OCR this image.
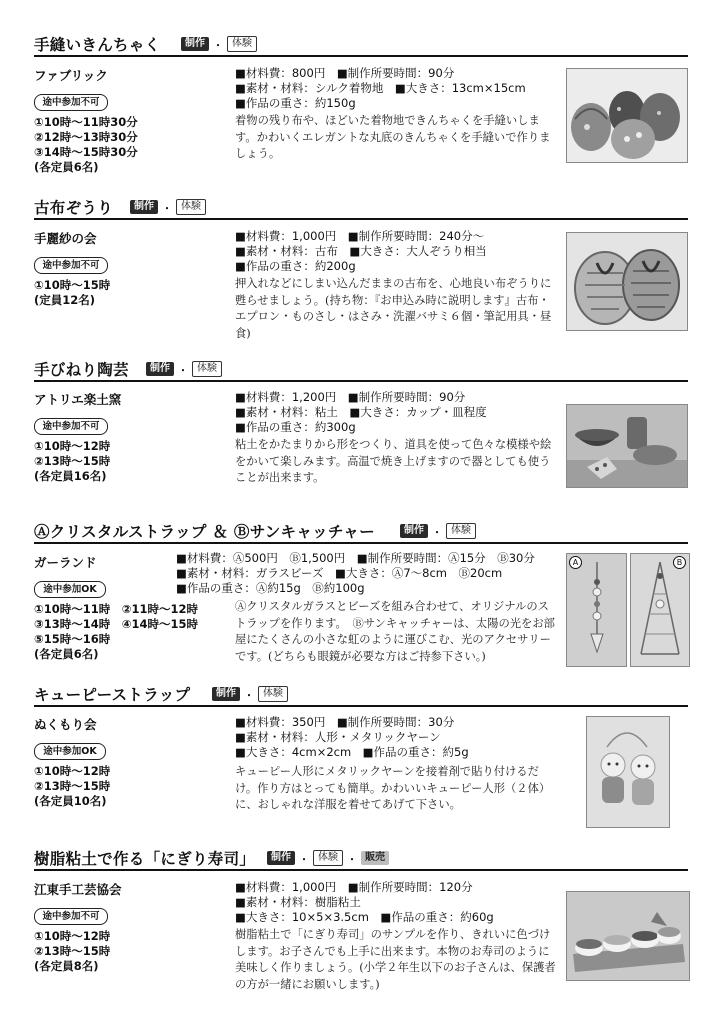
手縫いきんちゃく	制作 ・ 体験
ファブリック
途中参加不可
①10時～11時30分
②12時～13時30分
③14時～15時30分
(各定員6名)
■材料費：800円　■制作所要時間：90分
■素材・材料：シルク着物地　■大きさ：13cm×15cm
■作品の重さ：約150g
着物の残り布や、ほどいた着物地できんちゃくを手縫いします。かわいくエレガントな丸底のきんちゃくを手縫いで作りましょう。
古布ぞうり	制作 ・ 体験
手麗紗の会
途中参加不可
①10時～15時
(定員12名)
■材料費：1,000円　■制作所要時間：240分～
■素材・材料：古布　■大きさ：大人ぞうり相当
■作品の重さ：約200g
押入れなどにしまい込んだままの古布を、心地良い布ぞうりに甦らせましょう。(持ち物：『お申込み時に説明します』古布・エプロン・ものさし・はさみ・洗濯バサミ６個・筆記用具・昼食)
手びねり陶芸	制作 ・ 体験
アトリエ楽土窯
途中参加不可
①10時～12時
②13時～15時
(各定員16名)
■材料費：1,200円　■制作所要時間：90分
■素材・材料：粘土　■大きさ：カップ・皿程度
■作品の重さ：約300g
粘土をかたまりから形をつくり、道具を使って色々な模様や絵をかいて楽しみます。高温で焼き上げますので器としても使うことが出来ます。
Ⓐクリスタルストラップ ＆ Ⓑサンキャッチャー	制作 ・ 体験
ガーランド
途中参加OK
①10時～11時　②11時～12時
③13時～14時　④14時～15時
⑤15時～16時
(各定員6名)
■材料費：Ⓐ500円　Ⓑ1,500円　■制作所要時間：Ⓐ15分　Ⓑ30分
■素材・材料：ガラスビーズ　■大きさ：Ⓐ7～8cm　Ⓑ20cm
■作品の重さ：Ⓐ約15g　Ⓑ約100g
Ⓐクリスタルガラスとビーズを組み合わせて、オリジナルのストラップを作ります。　Ⓑサンキャッチャーは、太陽の光をお部屋にたくさんの小さな虹のように運びこむ、光のアクセサリーです。(どちらも眼鏡が必要な方はご持参下さい。)
A	B
キューピーストラップ	制作 ・ 体験
ぬくもり会
途中参加OK
①10時～12時
②13時～15時
(各定員10名)
■材料費：350円　■制作所要時間：30分
■素材・材料：人形・メタリックヤーン
■大きさ：4cm×2cm　■作品の重さ：約5g
キューピー人形にメタリックヤーンを接着剤で貼り付けるだけ。作り方はとっても簡単。かわいいキューピー人形（２体）に、おしゃれな洋服を着せてあげて下さい。
樹脂粘土で作る「にぎり寿司」	制作 ・ 体験 ・ 販売
江東手工芸協会
途中参加不可
①10時～12時
②13時～15時
(各定員8名)
■材料費：1,000円　■制作所要時間：120分
■素材・材料：樹脂粘土
■大きさ：10×5×3.5cm　■作品の重さ：約60g
樹脂粘土で「にぎり寿司」のサンプルを作り、きれいに色づけします。お子さんでも上手に出来ます。本物のお寿司のように美味しく作りましょう。(小学２年生以下のお子さんは、保護者の方が一緒にお願いします。)
